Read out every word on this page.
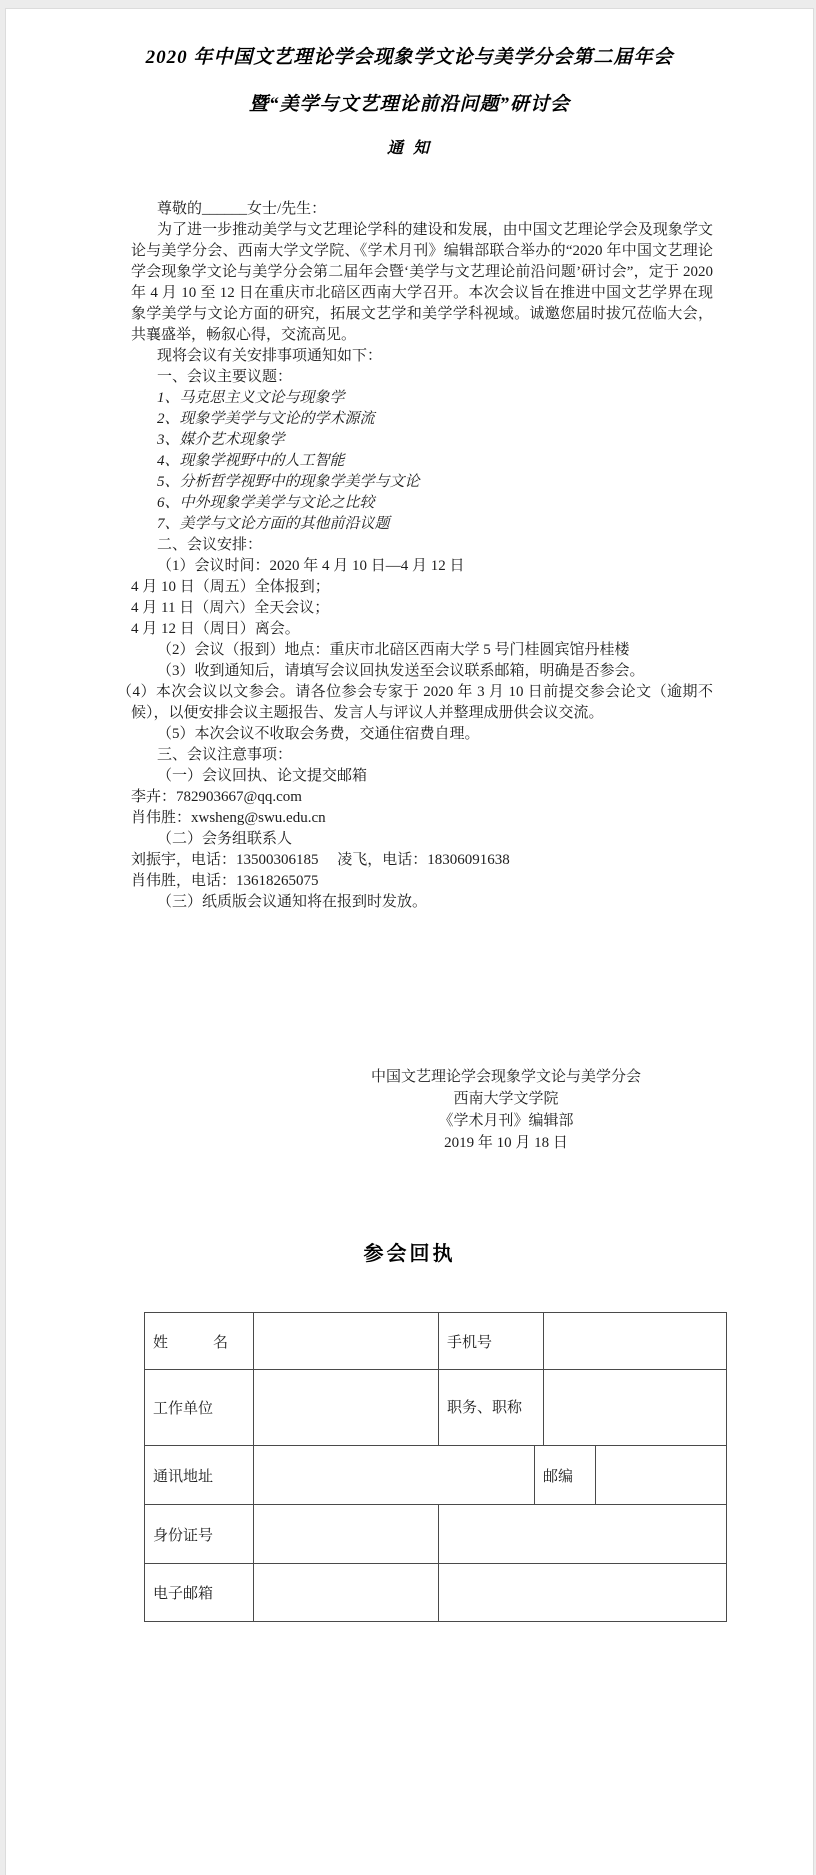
2020 年中国文艺理论学会现象学文论与美学分会第二届年会
暨“美学与文艺理论前沿问题”研讨会
通 知

尊敬的______女士/先生：

为了进一步推动美学与文艺理论学科的建设和发展，由中国文艺理论学会及现象学文论与美学分会、西南大学文学院、《学术月刊》编辑部联合举办的“2020 年中国文艺理论学会现象学文论与美学分会第二届年会暨‘美学与文艺理论前沿问题’研讨会”，定于 2020 年 4 月 10 至 12 日在重庆市北碚区西南大学召开。本次会议旨在推进中国文艺学界在现象学美学与文论方面的研究，拓展文艺学和美学学科视域。诚邀您届时拔冗莅临大会，共襄盛举，畅叙心得，交流高见。

现将会议有关安排事项通知如下：

一、会议主要议题：

1、马克思主义文论与现象学

2、现象学美学与文论的学术源流

3、媒介艺术现象学

4、现象学视野中的人工智能

5、分析哲学视野中的现象学美学与文论

6、中外现象学美学与文论之比较

7、美学与文论方面的其他前沿议题

二、会议安排：

（1）会议时间：2020 年 4 月 10 日—4 月 12 日

4 月 10 日（周五）全体报到；

4 月 11 日（周六）全天会议；

4 月 12 日（周日）离会。

（2）会议（报到）地点：重庆市北碚区西南大学 5 号门桂圆宾馆丹桂楼

（3）收到通知后，请填写会议回执发送至会议联系邮箱，明确是否参会。

（4）本次会议以文参会。请各位参会专家于 2020 年 3 月 10 日前提交参会论文（逾期不候），以便安排会议主题报告、发言人与评议人并整理成册供会议交流。

（5）本次会议不收取会务费，交通住宿费自理。

三、会议注意事项：

（一）会议回执、论文提交邮箱

李卉：782903667@qq.com

肖伟胜：xwsheng@swu.edu.cn

（二）会务组联系人

刘振宇，电话：13500306185　 凌飞，电话：18306091638

肖伟胜，电话：13618265075

（三）纸质版会议通知将在报到时发放。

中国文艺理论学会现象学文论与美学分会
西南大学文学院
《学术月刊》编辑部
2019 年 10 月 18 日
参会回执
姓　　　名		手机号			
工作单位		职务、职称			
通讯地址			邮编		
身份证号					
电子邮箱					
